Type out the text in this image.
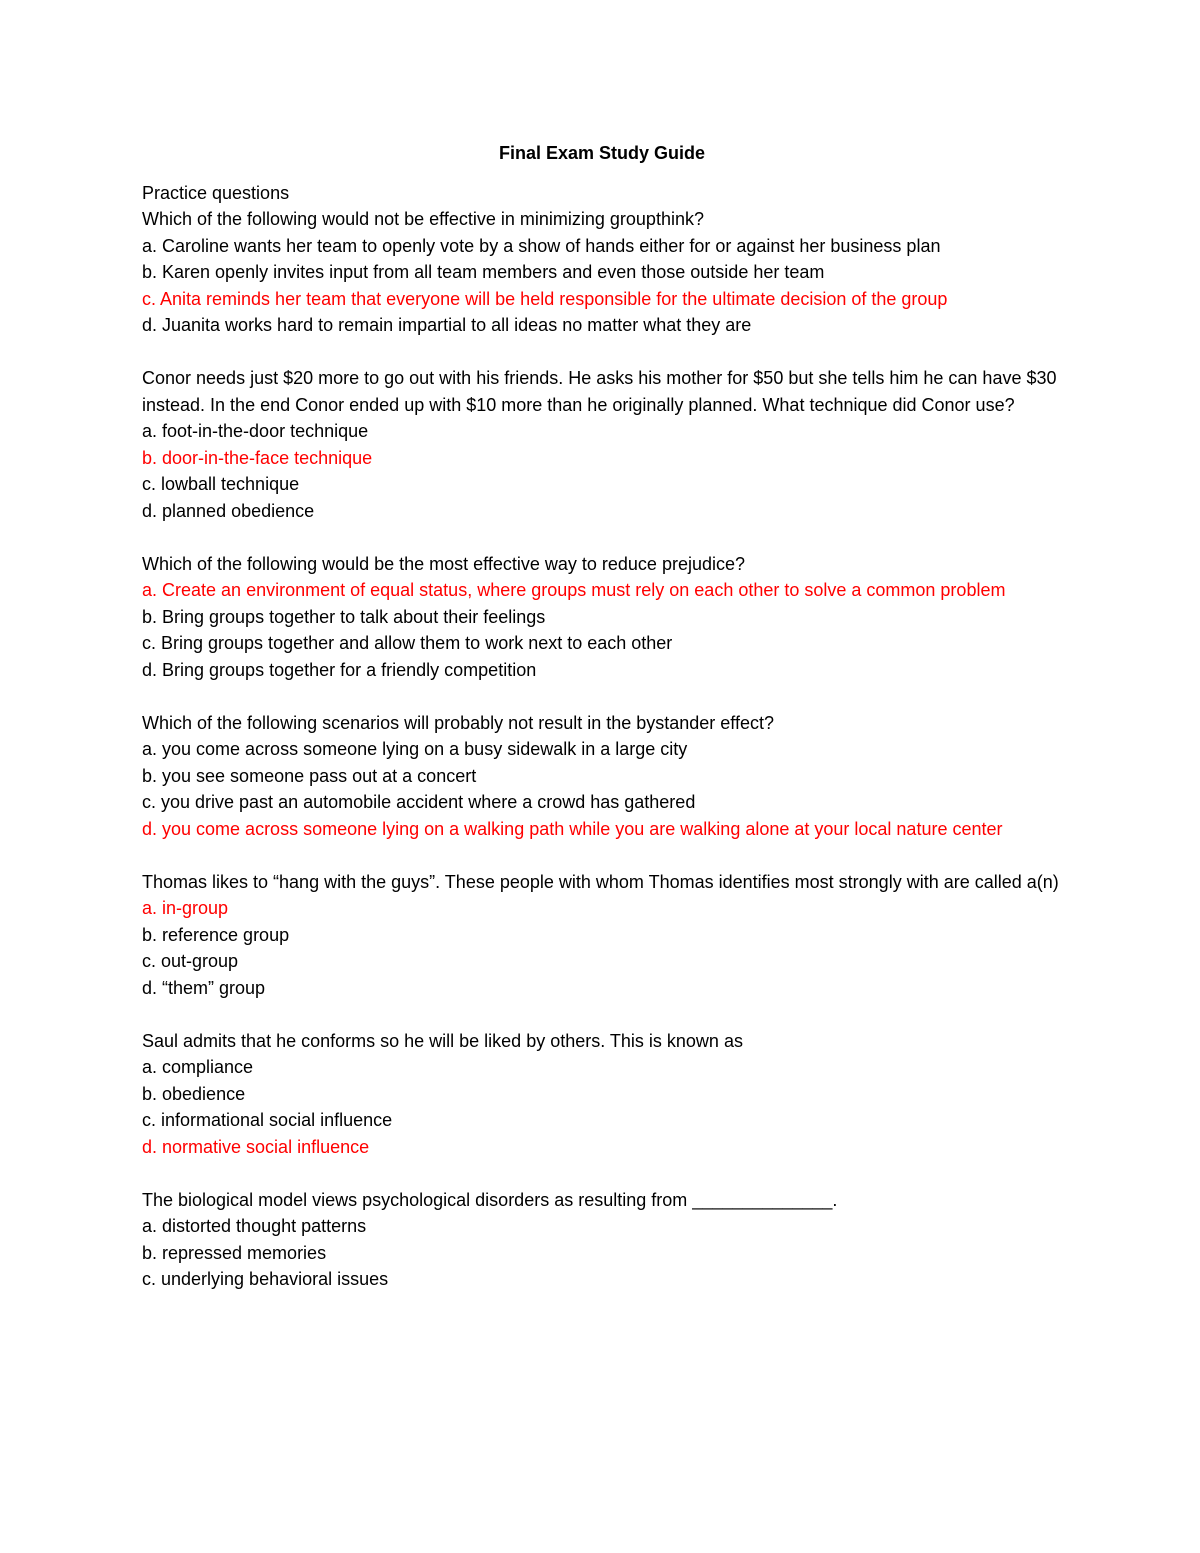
Final Exam Study Guide
Practice questions
Which of the following would not be effective in minimizing groupthink?
a. Caroline wants her team to openly vote by a show of hands either for or against her business plan
b. Karen openly invites input from all team members and even those outside her team
c. Anita reminds her team that everyone will be held responsible for the ultimate decision of the group
d. Juanita works hard to remain impartial to all ideas no matter what they are
Conor needs just $20 more to go out with his friends. He asks his mother for $50 but she tells him he can have $30 instead. In the end Conor ended up with $10 more than he originally planned. What technique did Conor use?
a. foot-in-the-door technique
b. door-in-the-face technique
c. lowball technique
d. planned obedience
Which of the following would be the most effective way to reduce prejudice?
a. Create an environment of equal status, where groups must rely on each other to solve a common problem
b. Bring groups together to talk about their feelings
c. Bring groups together and allow them to work next to each other
d. Bring groups together for a friendly competition
Which of the following scenarios will probably not result in the bystander effect?
a. you come across someone lying on a busy sidewalk in a large city
b. you see someone pass out at a concert
c. you drive past an automobile accident where a crowd has gathered
d. you come across someone lying on a walking path while you are walking alone at your local nature center
Thomas likes to “hang with the guys”. These people with whom Thomas identifies most strongly with are called a(n)
a. in-group
b. reference group
c. out-group
d. “them” group
Saul admits that he conforms so he will be liked by others. This is known as
a. compliance
b. obedience
c. informational social influence
d. normative social influence
The biological model views psychological disorders as resulting from ______________.
a. distorted thought patterns
b. repressed memories
c. underlying behavioral issues
